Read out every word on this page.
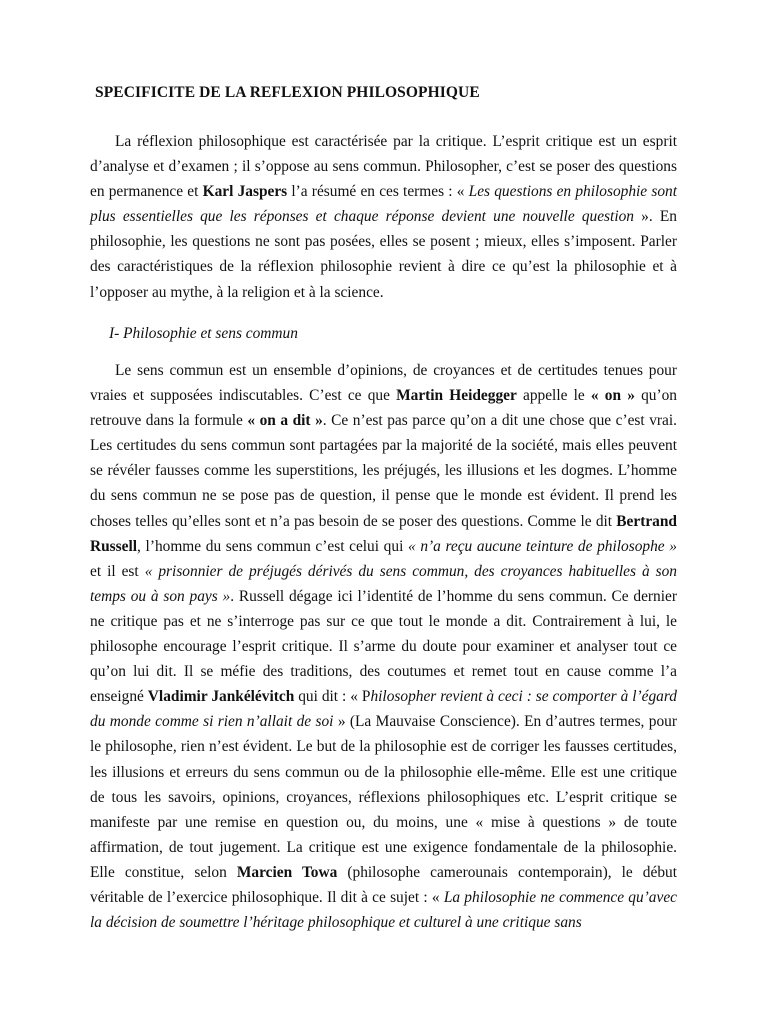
SPECIFICITE DE LA REFLEXION PHILOSOPHIQUE

La réflexion philosophique est caractérisée par la critique. L’esprit critique est un esprit d’analyse et d’examen ; il s’oppose au sens commun. Philosopher, c’est se poser des questions en permanence et Karl Jaspers l’a résumé en ces termes : « Les questions en philosophie sont plus essentielles que les réponses et chaque réponse devient une nouvelle question ». En philosophie, les questions ne sont pas posées, elles se posent ; mieux, elles s’imposent. Parler des caractéristiques de la réflexion philosophie revient à dire ce qu’est la philosophie et à l’opposer au mythe, à la religion et à la science.

I- Philosophie et sens commun

Le sens commun est un ensemble d’opinions, de croyances et de certitudes tenues pour vraies et supposées indiscutables. C’est ce que Martin Heidegger appelle le « on » qu’on retrouve dans la formule « on a dit ». Ce n’est pas parce qu’on a dit une chose que c’est vrai. Les certitudes du sens commun sont partagées par la majorité de la société, mais elles peuvent se révéler fausses comme les superstitions, les préjugés, les illusions et les dogmes. L’homme du sens commun ne se pose pas de question, il pense que le monde est évident. Il prend les choses telles qu’elles sont et n’a pas besoin de se poser des questions. Comme le dit Bertrand Russell, l’homme du sens commun c’est celui qui « n’a reçu aucune teinture de philosophe » et il est « prisonnier de préjugés dérivés du sens commun, des croyances habituelles à son temps ou à son pays ». Russell dégage ici l’identité de l’homme du sens commun. Ce dernier ne critique pas et ne s’interroge pas sur ce que tout le monde a dit. Contrairement à lui, le philosophe encourage l’esprit critique. Il s’arme du doute pour examiner et analyser tout ce qu’on lui dit. Il se méfie des traditions, des coutumes et remet tout en cause comme l’a enseigné Vladimir Jankélévitch qui dit : « Philosopher revient à ceci : se comporter à l’égard du monde comme si rien n’allait de soi » (La Mauvaise Conscience). En d’autres termes, pour le philosophe, rien n’est évident. Le but de la philosophie est de corriger les fausses certitudes, les illusions et erreurs du sens commun ou de la philosophie elle-même. Elle est une critique de tous les savoirs, opinions, croyances, réflexions philosophiques etc. L’esprit critique se manifeste par une remise en question ou, du moins, une « mise à questions » de toute affirmation, de tout jugement. La critique est une exigence fondamentale de la philosophie. Elle constitue, selon Marcien Towa (philosophe camerounais contemporain), le début véritable de l’exercice philosophique. Il dit à ce sujet : « La philosophie ne commence qu’avec la décision de soumettre l’héritage philosophique et culturel à une critique sans
